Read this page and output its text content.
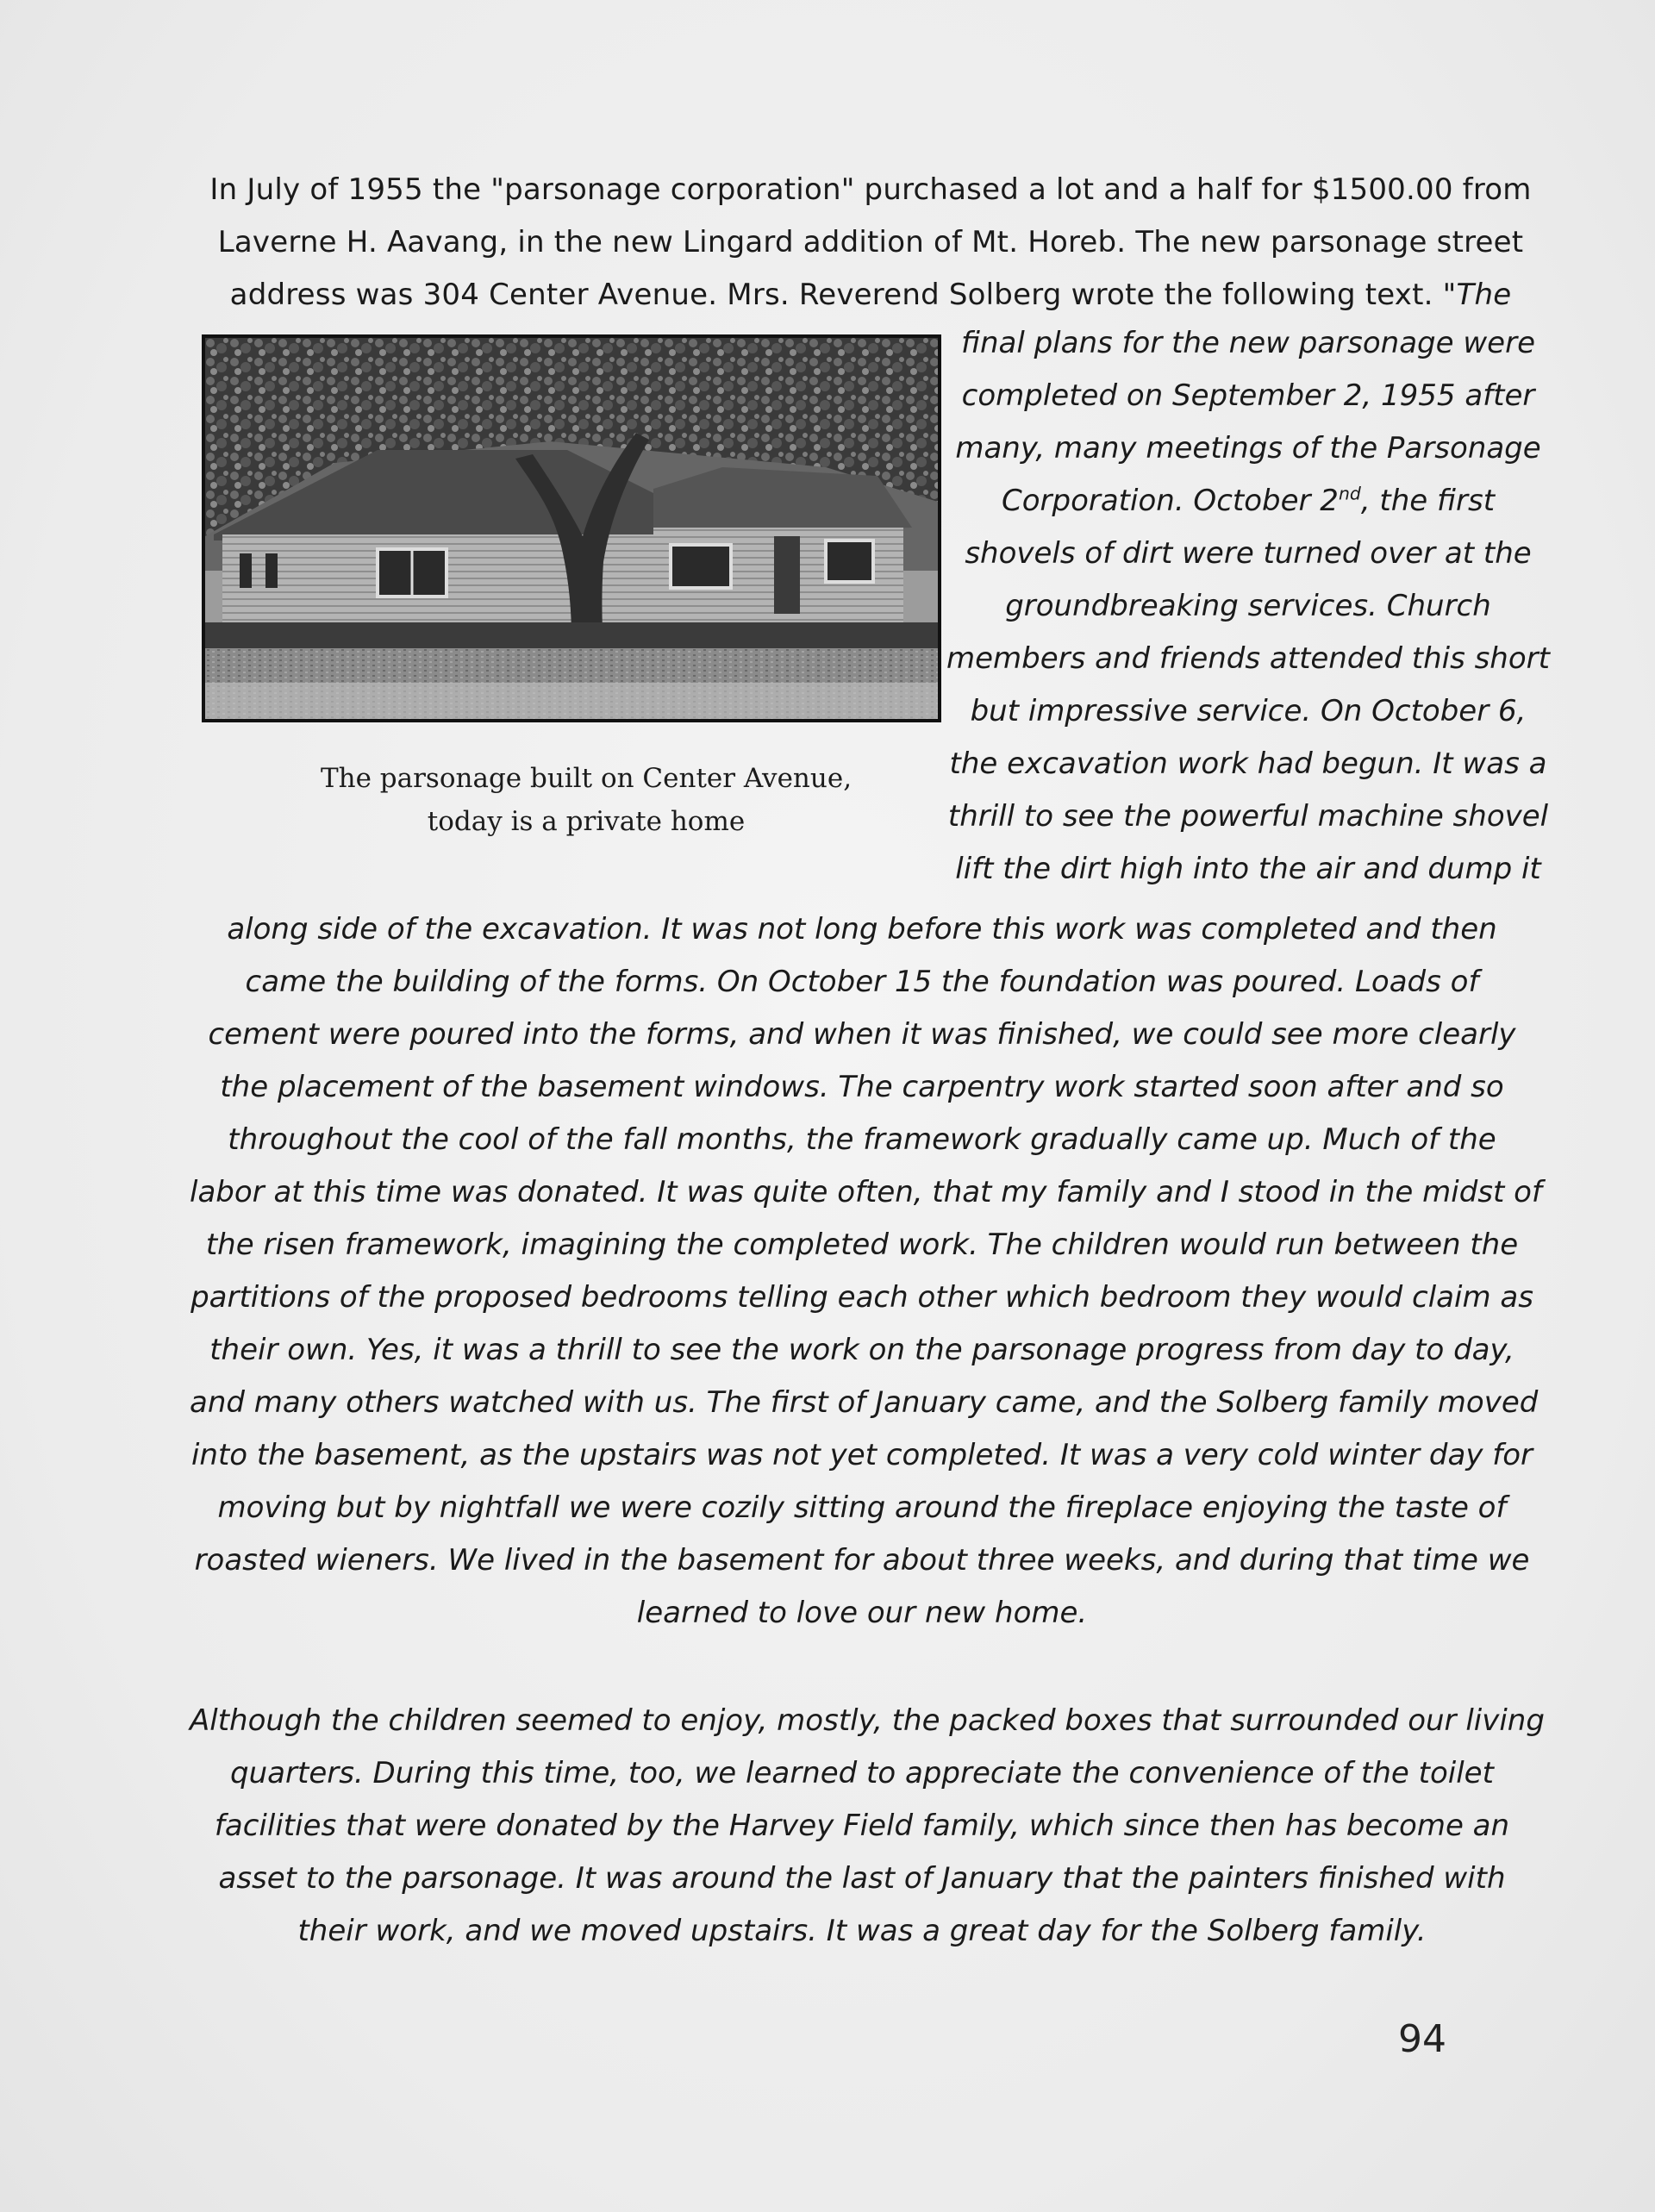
In July of 1955 the "parsonage corporation" purchased a lot and a half for $1500.00 from

Laverne H. Aavang, in the new Lingard addition of Mt. Horeb. The new parsonage street

address was 304 Center Avenue. Mrs. Reverend Solberg wrote the following text. "The

The parsonage built on Center Avenue,
today is a private home

final plans for the new parsonage were

completed on September 2, 1955 after

many, many meetings of the Parsonage

Corporation. October 2nd, the first

shovels of dirt were turned over at the

groundbreaking services. Church

members and friends attended this short

but impressive service. On October 6,

the excavation work had begun. It was a

thrill to see the powerful machine shovel

lift the dirt high into the air and dump it

along side of the excavation. It was not long before this work was completed and then

came the building of the forms. On October 15 the foundation was poured. Loads of

cement were poured into the forms, and when it was finished, we could see more clearly

the placement of the basement windows. The carpentry work started soon after and so

throughout the cool of the fall months, the framework gradually came up. Much of the

labor at this time was donated. It was quite often, that my family and I stood in the midst of

the risen framework, imagining the completed work. The children would run between the

partitions of the proposed bedrooms telling each other which bedroom they would claim as

their own. Yes, it was a thrill to see the work on the parsonage progress from day to day,

and many others watched with us. The first of January came, and the Solberg family moved

into the basement, as the upstairs was not yet completed. It was a very cold winter day for

moving but by nightfall we were cozily sitting around the fireplace enjoying the taste of

roasted wieners. We lived in the basement for about three weeks, and during that time we

learned to love our new home.

Although the children seemed to enjoy, mostly, the packed boxes that surrounded our living

quarters. During this time, too, we learned to appreciate the convenience of the toilet

facilities that were donated by the Harvey Field family, which since then has become an

asset to the parsonage. It was around the last of January that the painters finished with

their work, and we moved upstairs. It was a great day for the Solberg family.

94
